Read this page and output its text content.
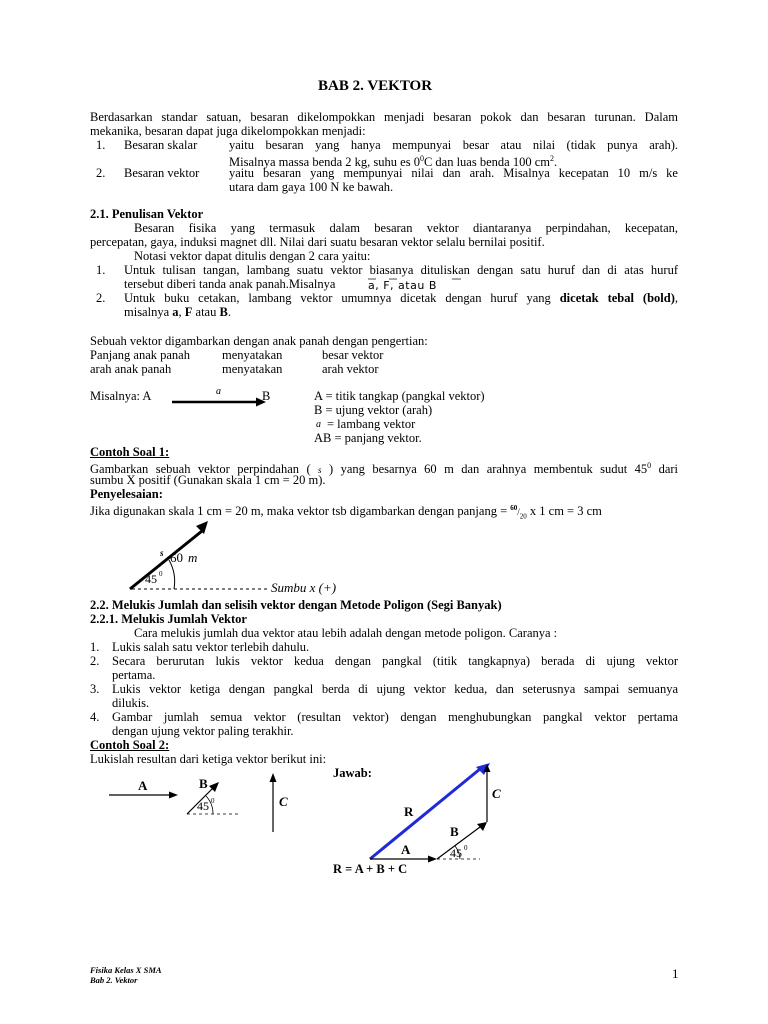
BAB 2. VEKTOR
Berdasarkan standar satuan, besaran dikelompokkan menjadi besaran pokok dan besaran turunan. Dalam
mekanika, besaran dapat juga dikelompokkan menjadi:
1. Besaran skalar	yaitu besaran yang hanya mempunyai besar atau nilai (tidak punya arah).
Misalnya massa benda 2 kg, suhu es $0^0C$ dan luas benda 100 $cm^2$.
2. Besaran vektor yaitu besaran yang mempunyai nilai dan arah. Misalnya kecepatan 10 m/s ke
utara dam gaya 100 N ke bawah.
2.1. Penulisan Vektor
Besaran fisika yang termasuk dalam besaran vektor diantaranya perpindahan, kecepatan,
percepatan, gaya, induksi magnet dll. Nilai dari suatu besaran vektor selalu bernilai positif.
Notasi vektor dapat ditulis dengan 2 cara yaitu:
1. Untuk tulisan tangan, lambang suatu vektor biasanya dituliskan dengan satu huruf dan di atas huruf
tersebut diberi tanda anak panah.Misalnya	a, F, atau B
2. Untuk buku cetakan, lambang vektor umumnya dicetak dengan huruf yang dicetak tebal (bold),
misalnya a, F atau B.
Sebuah vektor digambarkan dengan anak panah dengan pengertian:
Panjang anak panah	menyatakan	besar vektor
arah anak panah	menyatakan	arah vektor
Misalnya: A	a	B	A = titik tangkap (pangkal vektor)
B = ujung vektor (arah)
a = lambang vektor
AB = panjang vektor.
Contoh Soal 1:
Gambarkan sebuah vektor perpindahan ( s ) yang besarnya 60 m dan arahnya membentuk sudut $45^0$ dari
sumbu X positif (Gunakan skala 1 cm = 20 m).
Penyelesaian:
Jika digunakan skala 1 cm = 20 m, maka vektor tsb digambarkan dengan panjang = $^{60}/_{20}$ x 1 cm = 3 cm
s 60 m
45 0
Sumbu x (+)
2.2. Melukis Jumlah dan selisih vektor dengan Metode Poligon (Segi Banyak)
2.2.1. Melukis Jumlah Vektor
Cara melukis jumlah dua vektor atau lebih adalah dengan metode poligon. Caranya :
1. Lukis salah satu vektor terlebih dahulu.
2. Secara berurutan lukis vektor kedua dengan pangkal (titik tangkapnya) berada di ujung vektor
pertama.
3. Lukis vektor ketiga dengan pangkal berda di ujung vektor kedua, dan seterusnya sampai semuanya
dilukis.
4. Gambar jumlah semua vektor (resultan vektor) dengan menghubungkan pangkal vektor pertama
dengan ujung vektor paling terakhir.
Contoh Soal 2:
Lukislah resultan dari ketiga vektor berikut ini:
Jawab:
A	B
45 0	C
R
A
B
45 0
C
R = A + B + C
Fisika Kelas X SMA
Bab 2. Vektor	1
